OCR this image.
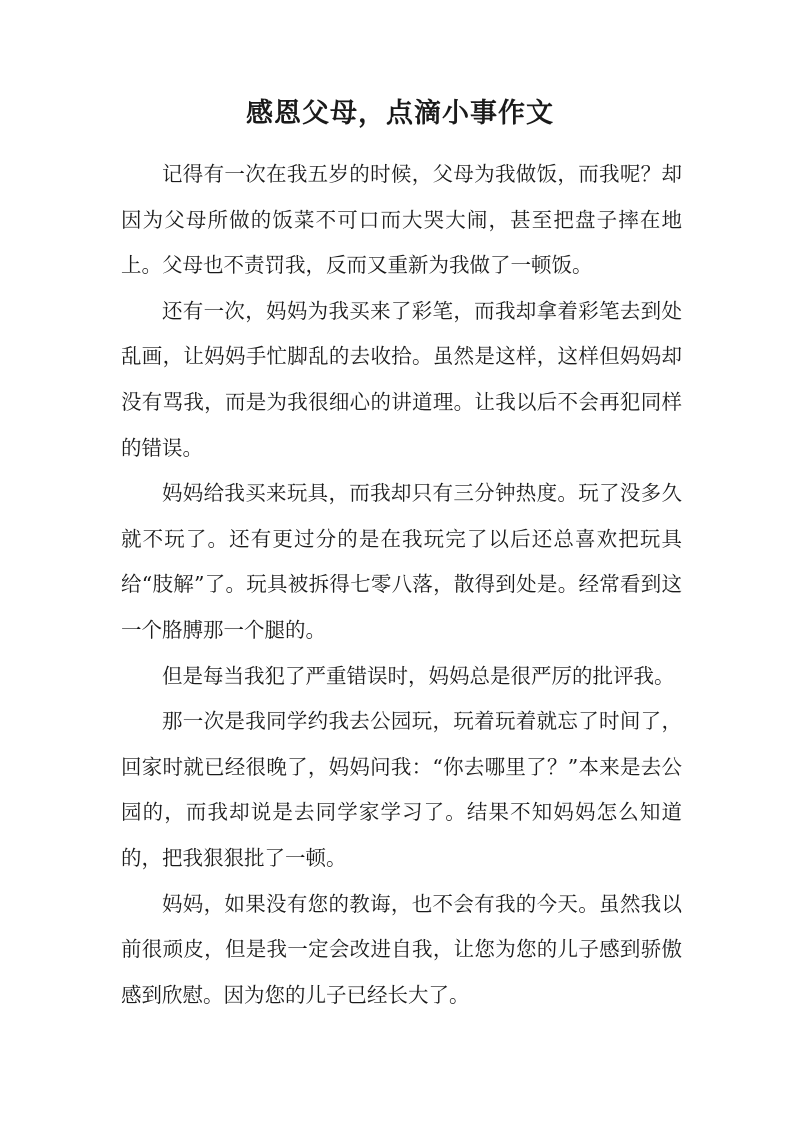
感恩父母，点滴小事作文

记得有一次在我五岁的时候，父母为我做饭，而我呢？却因为父母所做的饭菜不可口而大哭大闹，甚至把盘子摔在地上。父母也不责罚我，反而又重新为我做了一顿饭。

还有一次，妈妈为我买来了彩笔，而我却拿着彩笔去到处乱画，让妈妈手忙脚乱的去收拾。虽然是这样，这样但妈妈却没有骂我，而是为我很细心的讲道理。让我以后不会再犯同样的错误。

妈妈给我买来玩具，而我却只有三分钟热度。玩了没多久就不玩了。还有更过分的是在我玩完了以后还总喜欢把玩具给“肢解”了。玩具被拆得七零八落，散得到处是。经常看到这一个胳膊那一个腿的。

但是每当我犯了严重错误时，妈妈总是很严厉的批评我。

那一次是我同学约我去公园玩，玩着玩着就忘了时间了，回家时就已经很晚了，妈妈问我：“你去哪里了？”本来是去公园的，而我却说是去同学家学习了。结果不知妈妈怎么知道的，把我狠狠批了一顿。

妈妈，如果没有您的教诲，也不会有我的今天。虽然我以前很顽皮，但是我一定会改进自我，让您为您的儿子感到骄傲感到欣慰。因为您的儿子已经长大了。
